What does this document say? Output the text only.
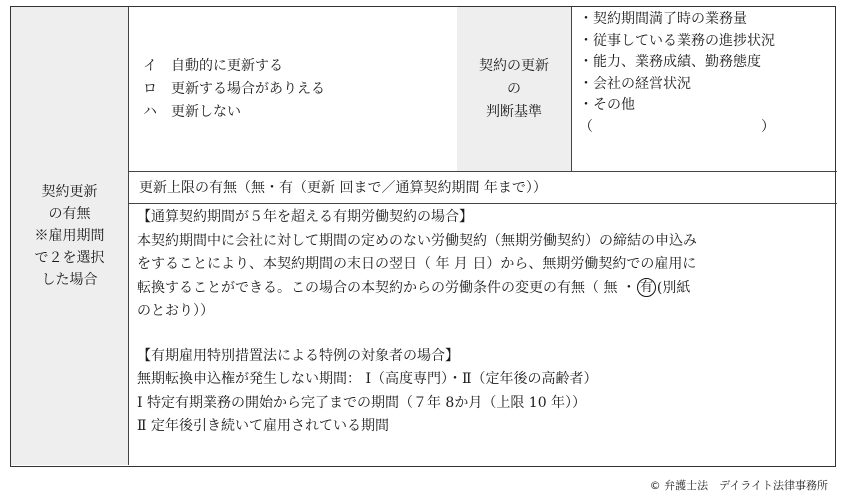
契約更新
の有無
※雇用期間
で２を選択
した場合
イ　自動的に更新する
ロ　更新する場合がありえる
ハ　更新しない
契約の更新
の
判断基準
・契約期間満了時の業務量
・従事している業務の進捗状況
・能力、業務成績、勤務態度
・会社の経営状況
・その他
（　　　　　　　　　　　　）
更新上限の有無（無・有（更新 回まで／通算契約期間 年まで））

【通算契約期間が５年を超える有期労働契約の場合】

本契約期間中に会社に対して期間の定めのない労働契約（無期労働契約）の締結の申込み

をすることにより、本契約期間の末日の翌日（ 年 月 日）から、無期労働契約での雇用に

転換することができる。この場合の本契約からの労働条件の変更の有無（ 無 ・ 有 (別紙

のとおり））

【有期雇用特別措置法による特例の対象者の場合】

無期転換申込権が発生しない期間： Ⅰ（高度専門）・Ⅱ（定年後の高齢者）

Ⅰ 特定有期業務の開始から完了までの期間（７年 8か月（上限 10 年））

Ⅱ 定年後引き続いて雇用されている期間

© 弁護士法　デイライト法律事務所
